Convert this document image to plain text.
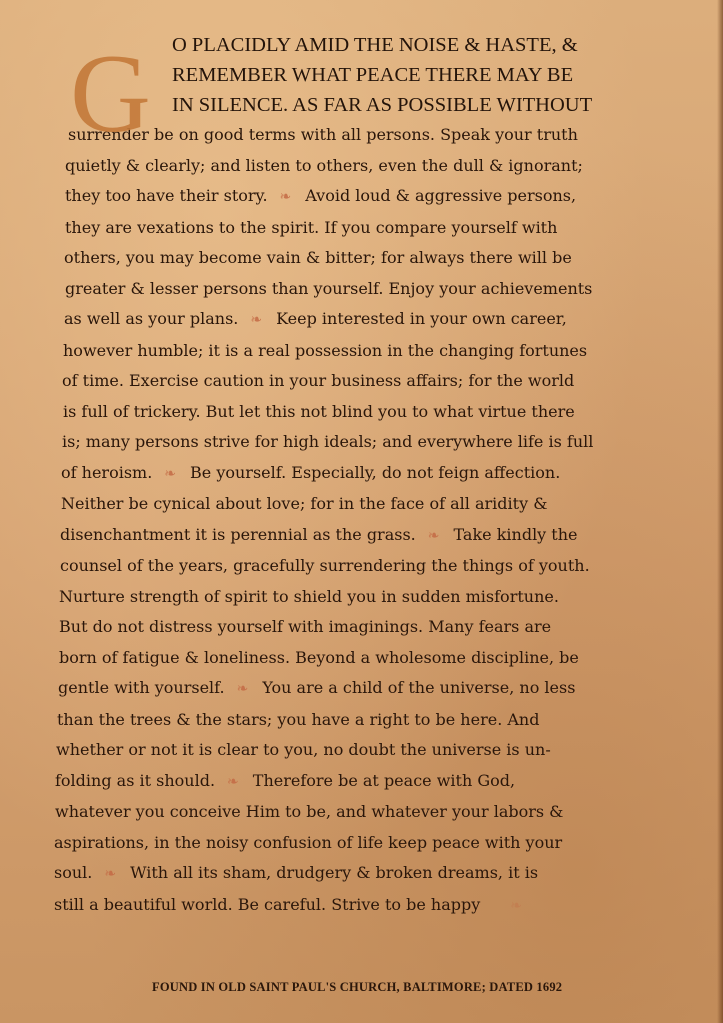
G O PLACIDLY AMID THE NOISE & HASTE, &
REMEMBER WHAT PEACE THERE MAY BE
IN SILENCE. AS FAR AS POSSIBLE WITHOUT
surrender be on good terms with all persons. Speak your truth
quietly & clearly; and listen to others, even the dull & ignorant;
they too have their story. ❧ Avoid loud & aggressive persons,
they are vexations to the spirit. If you compare yourself with
others, you may become vain & bitter; for always there will be
greater & lesser persons than yourself. Enjoy your achievements
as well as your plans. ❧ Keep interested in your own career,
however humble; it is a real possession in the changing fortunes
of time. Exercise caution in your business affairs; for the world
is full of trickery. But let this not blind you to what virtue there
is; many persons strive for high ideals; and everywhere life is full
of heroism. ❧ Be yourself. Especially, do not feign affection.
Neither be cynical about love; for in the face of all aridity &
disenchantment it is perennial as the grass. ❧ Take kindly the
counsel of the years, gracefully surrendering the things of youth.
Nurture strength of spirit to shield you in sudden misfortune.
But do not distress yourself with imaginings. Many fears are
born of fatigue & loneliness. Beyond a wholesome discipline, be
gentle with yourself. ❧ You are a child of the universe, no less
than the trees & the stars; you have a right to be here. And
whether or not it is clear to you, no doubt the universe is un-
folding as it should. ❧ Therefore be at peace with God,
whatever you conceive Him to be, and whatever your labors &
aspirations, in the noisy confusion of life keep peace with your
soul. ❧ With all its sham, drudgery & broken dreams, it is
still a beautiful world. Be careful. Strive to be happy ❧
FOUND IN OLD SAINT PAUL'S CHURCH, BALTIMORE; DATED 1692
